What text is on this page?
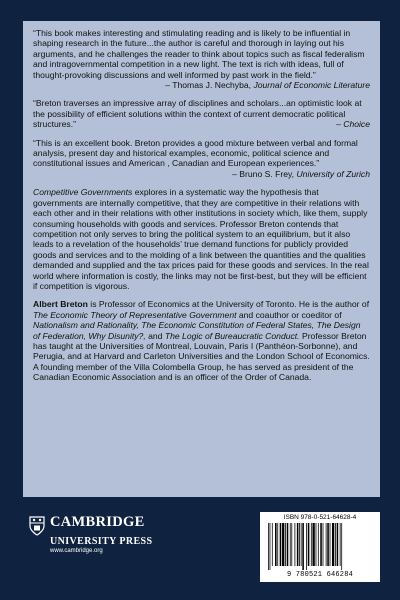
“This book makes interesting and stimulating reading and is likely to be influential in shaping research in the future...the author is careful and thorough in laying out his arguments, and he challenges the reader to think about topics such as fiscal federalism and intragovernmental competition in a new light. The text is rich with ideas, full of thought-provoking discussions and well informed by past work in the field.”

– Thomas J. Nechyba, Journal of Economic Literature

“Breton traverses an impressive array of disciplines and scholars...an optimistic look at the possibility of efficient solutions within the context of current democratic political structures.”	– Choice

“This is an excellent book. Breton provides a good mixture between verbal and formal analysis, present day and historical examples, economic, political science and constitutional issues and American , Canadian and European experiences.”
– Bruno S. Frey, University of Zurich

Competitive Governments explores in a systematic way the hypothesis that governments are internally competitive, that they are competitive in their relations with each other and in their relations with other institutions in society which, like them, supply consuming households with goods and services. Professor Breton contends that competition not only serves to bring the political system to an equilibrium, but it also leads to a revelation of the households’ true demand functions for publicly provided goods and services and to the molding of a link between the quantities and the qualities demanded and supplied and the tax prices paid for these goods and services. In the real world where information is costly, the links may not be first-best, but they will be efficient if competition is vigorous.

Albert Breton is Professor of Economics at the University of Toronto. He is the author of The Economic Theory of Representative Government and coauthor or coeditor of Nationalism and Rationality, The Economic Constitution of Federal States, The Design of Federation, Why Disunity?, and The Logic of Bureaucratic Conduct. Professor Breton has taught at the Universities of Montreal, Louvain, Paris I (Panthéon-Sorbonne), and Perugia, and at Harvard and Carleton Universities and the London School of Economics. A founding member of the Villa Colombella Group, he has served as president of the Canadian Economic Association and is an officer of the Order of Canada.

CAMBRIDGE
UNIVERSITY PRESS
www.cambridge.org
ISBN 978-0-521-64628-4
9 780521 646284
